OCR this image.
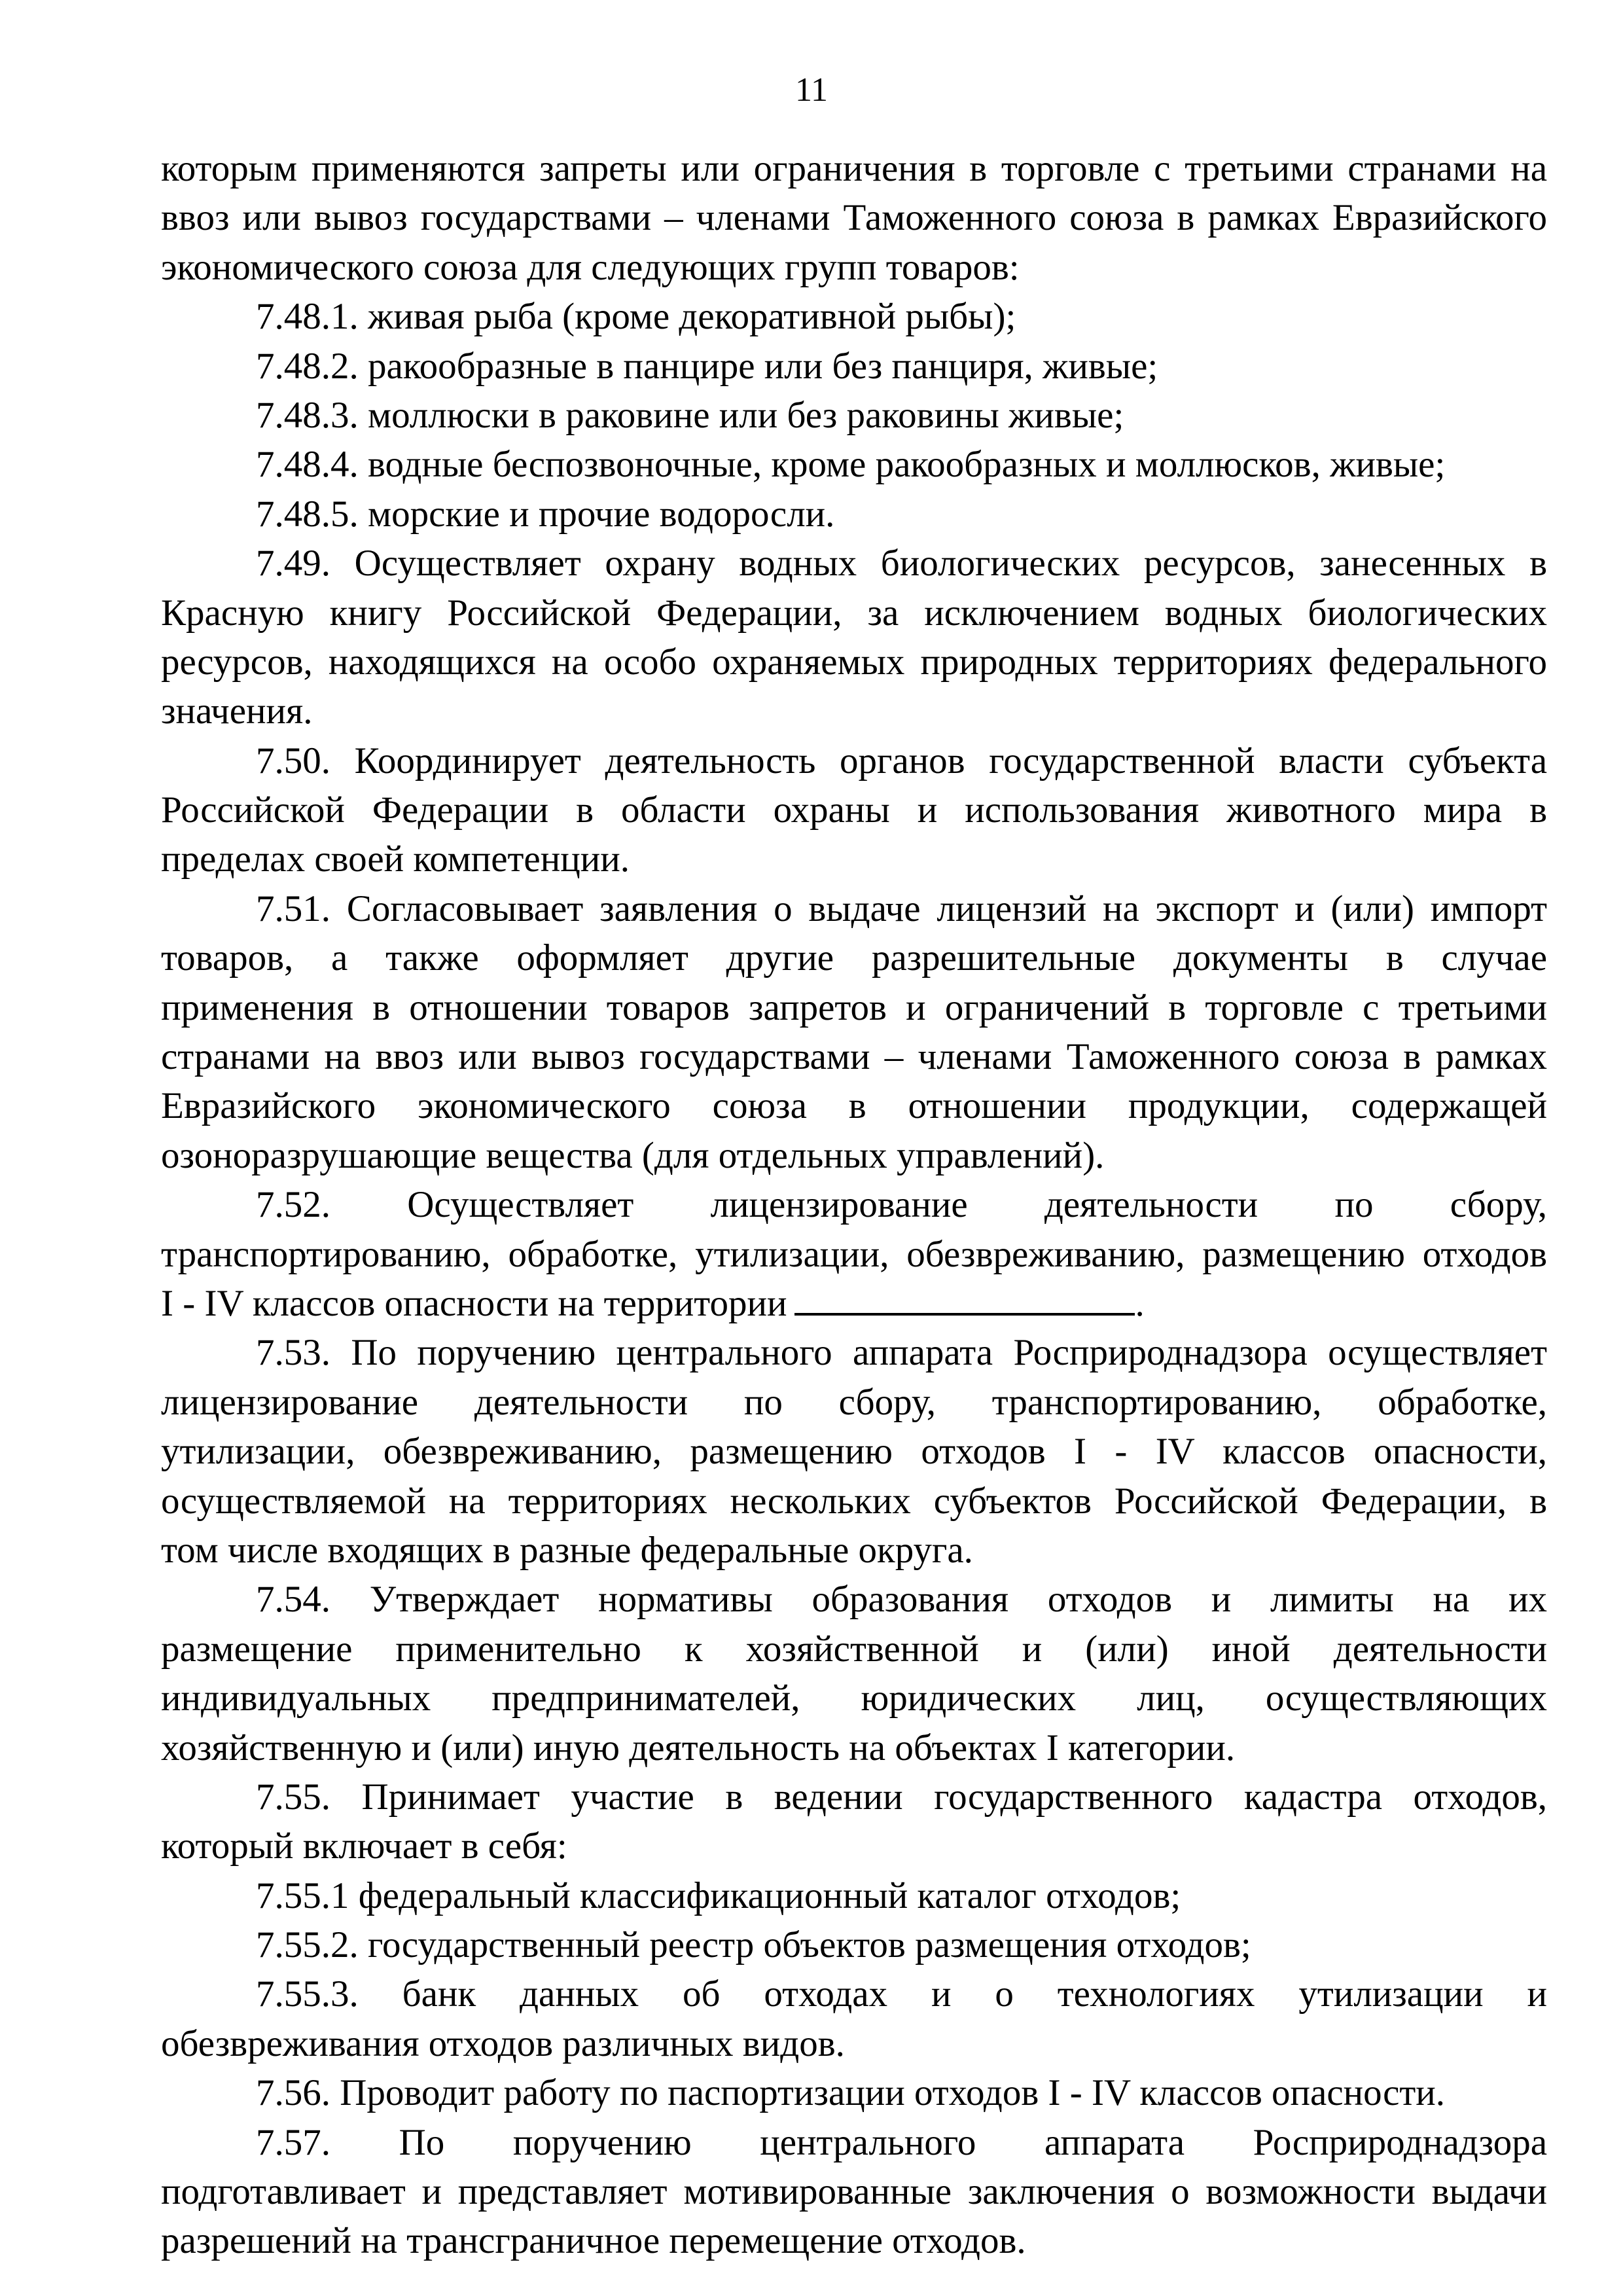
11
которым применяются запреты или ограничения в торговле с третьими странами на
ввоз или вывоз государствами – членами Таможенного союза в рамках Евразийского
экономического союза для следующих групп товаров:
7.48.1. живая рыба (кроме декоративной рыбы);
7.48.2. ракообразные в панцире или без панциря, живые;
7.48.3. моллюски в раковине или без раковины живые;
7.48.4. водные беспозвоночные, кроме ракообразных и моллюсков, живые;
7.48.5. морские и прочие водоросли.
7.49. Осуществляет охрану водных биологических ресурсов, занесенных в
Красную книгу Российской Федерации, за исключением водных биологических
ресурсов, находящихся на особо охраняемых природных территориях федерального
значения.
7.50. Координирует деятельность органов государственной власти субъекта
Российской Федерации в области охраны и использования животного мира в
пределах своей компетенции.
7.51. Согласовывает заявления о выдаче лицензий на экспорт и (или) импорт
товаров, а также оформляет другие разрешительные документы в случае
применения в отношении товаров запретов и ограничений в торговле с третьими
странами на ввоз или вывоз государствами – членами Таможенного союза в рамках
Евразийского экономического союза в отношении продукции, содержащей
озоноразрушающие вещества (для отдельных управлений).
7.52. Осуществляет лицензирование деятельности по сбору,
транспортированию, обработке, утилизации, обезвреживанию, размещению отходов
I - IV классов опасности на территории	.
7.53. По поручению центрального аппарата Росприроднадзора осуществляет
лицензирование деятельности по сбору, транспортированию, обработке,
утилизации, обезвреживанию, размещению отходов I - IV классов опасности,
осуществляемой на территориях нескольких субъектов Российской Федерации, в
том числе входящих в разные федеральные округа.
7.54. Утверждает нормативы образования отходов и лимиты на их
размещение применительно к хозяйственной и (или) иной деятельности
индивидуальных предпринимателей, юридических лиц, осуществляющих
хозяйственную и (или) иную деятельность на объектах I категории.
7.55. Принимает участие в ведении государственного кадастра отходов,
который включает в себя:
7.55.1 федеральный классификационный каталог отходов;
7.55.2. государственный реестр объектов размещения отходов;
7.55.3. банк данных об отходах и о технологиях утилизации и
обезвреживания отходов различных видов.
7.56. Проводит работу по паспортизации отходов I - IV классов опасности.
7.57. По поручению центрального аппарата Росприроднадзора
подготавливает и представляет мотивированные заключения о возможности выдачи
разрешений на трансграничное перемещение отходов.
